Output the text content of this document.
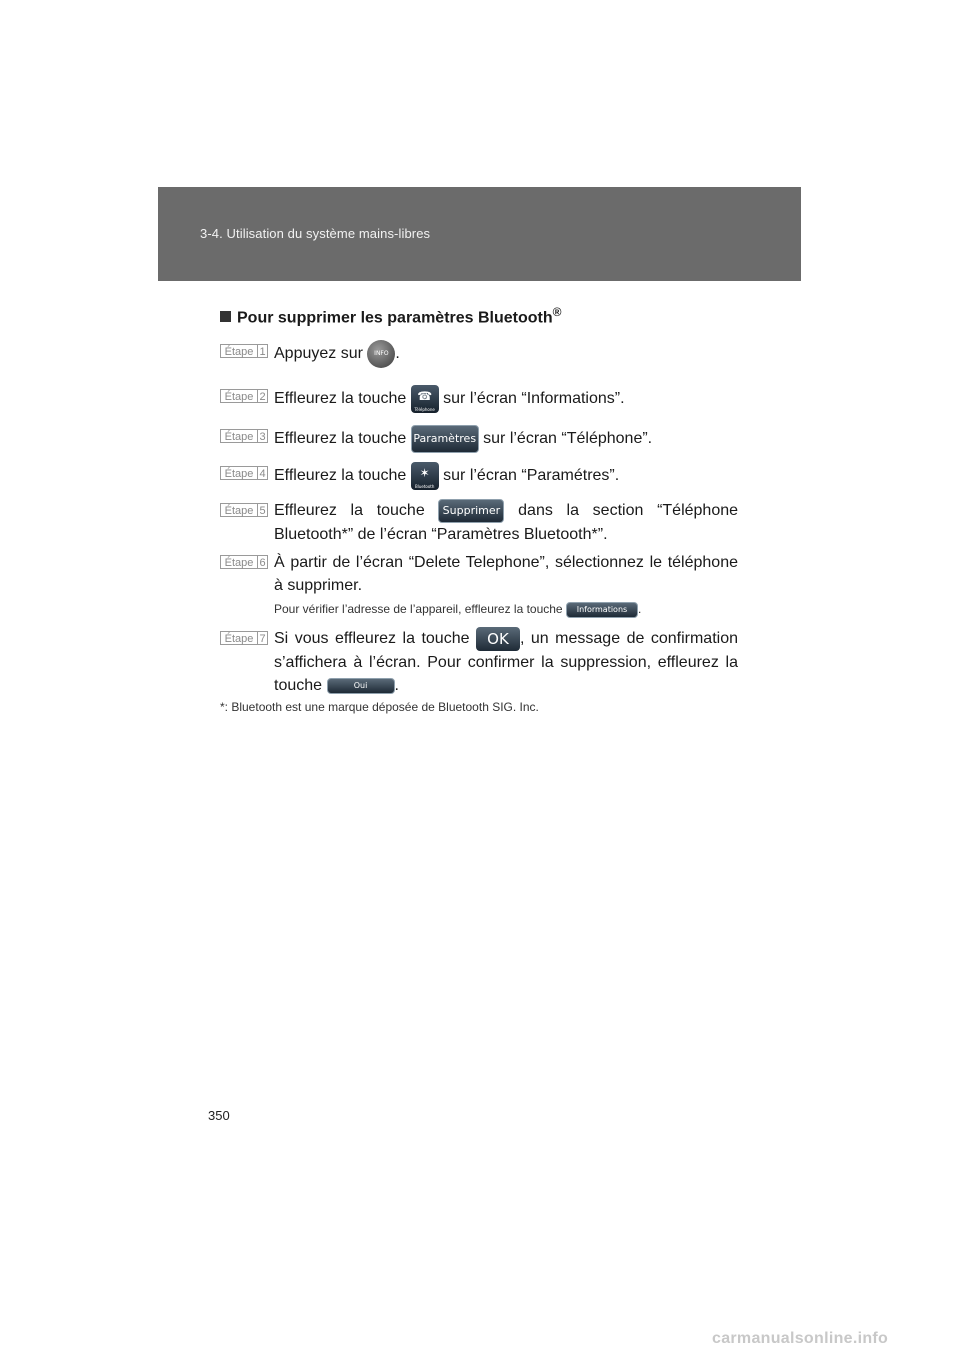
3-4. Utilisation du système mains-libres
Pour supprimer les paramètres Bluetooth®
Étape 1 Appuyez sur INFO .
Étape 2 Effleurez la touche ☎
Téléphone
sur l’écran “Informations”.
Étape 3 Effleurez la touche Paramètres sur l’écran “Téléphone”.
Étape 4 Effleurez la touche ✶
Bluetooth
sur l’écran “Paramétres”.
Étape 5 Effleurez la touche Supprimer dans la section “Téléphone Bluetooth*” de l’écran “Paramètres Bluetooth*”.
Étape 6 À partir de l’écran “Delete Telephone”, sélectionnez le téléphone à supprimer.
Pour vérifier l’adresse de l’appareil, effleurez la touche Informations .
Étape 7 Si vous effleurez la touche OK , un message de confirmation s’affichera à l’écran. Pour confirmer la suppression, effleurez la touche	Oui .
*: Bluetooth est une marque déposée de Bluetooth SIG. Inc.
350
carmanualsonline.info
